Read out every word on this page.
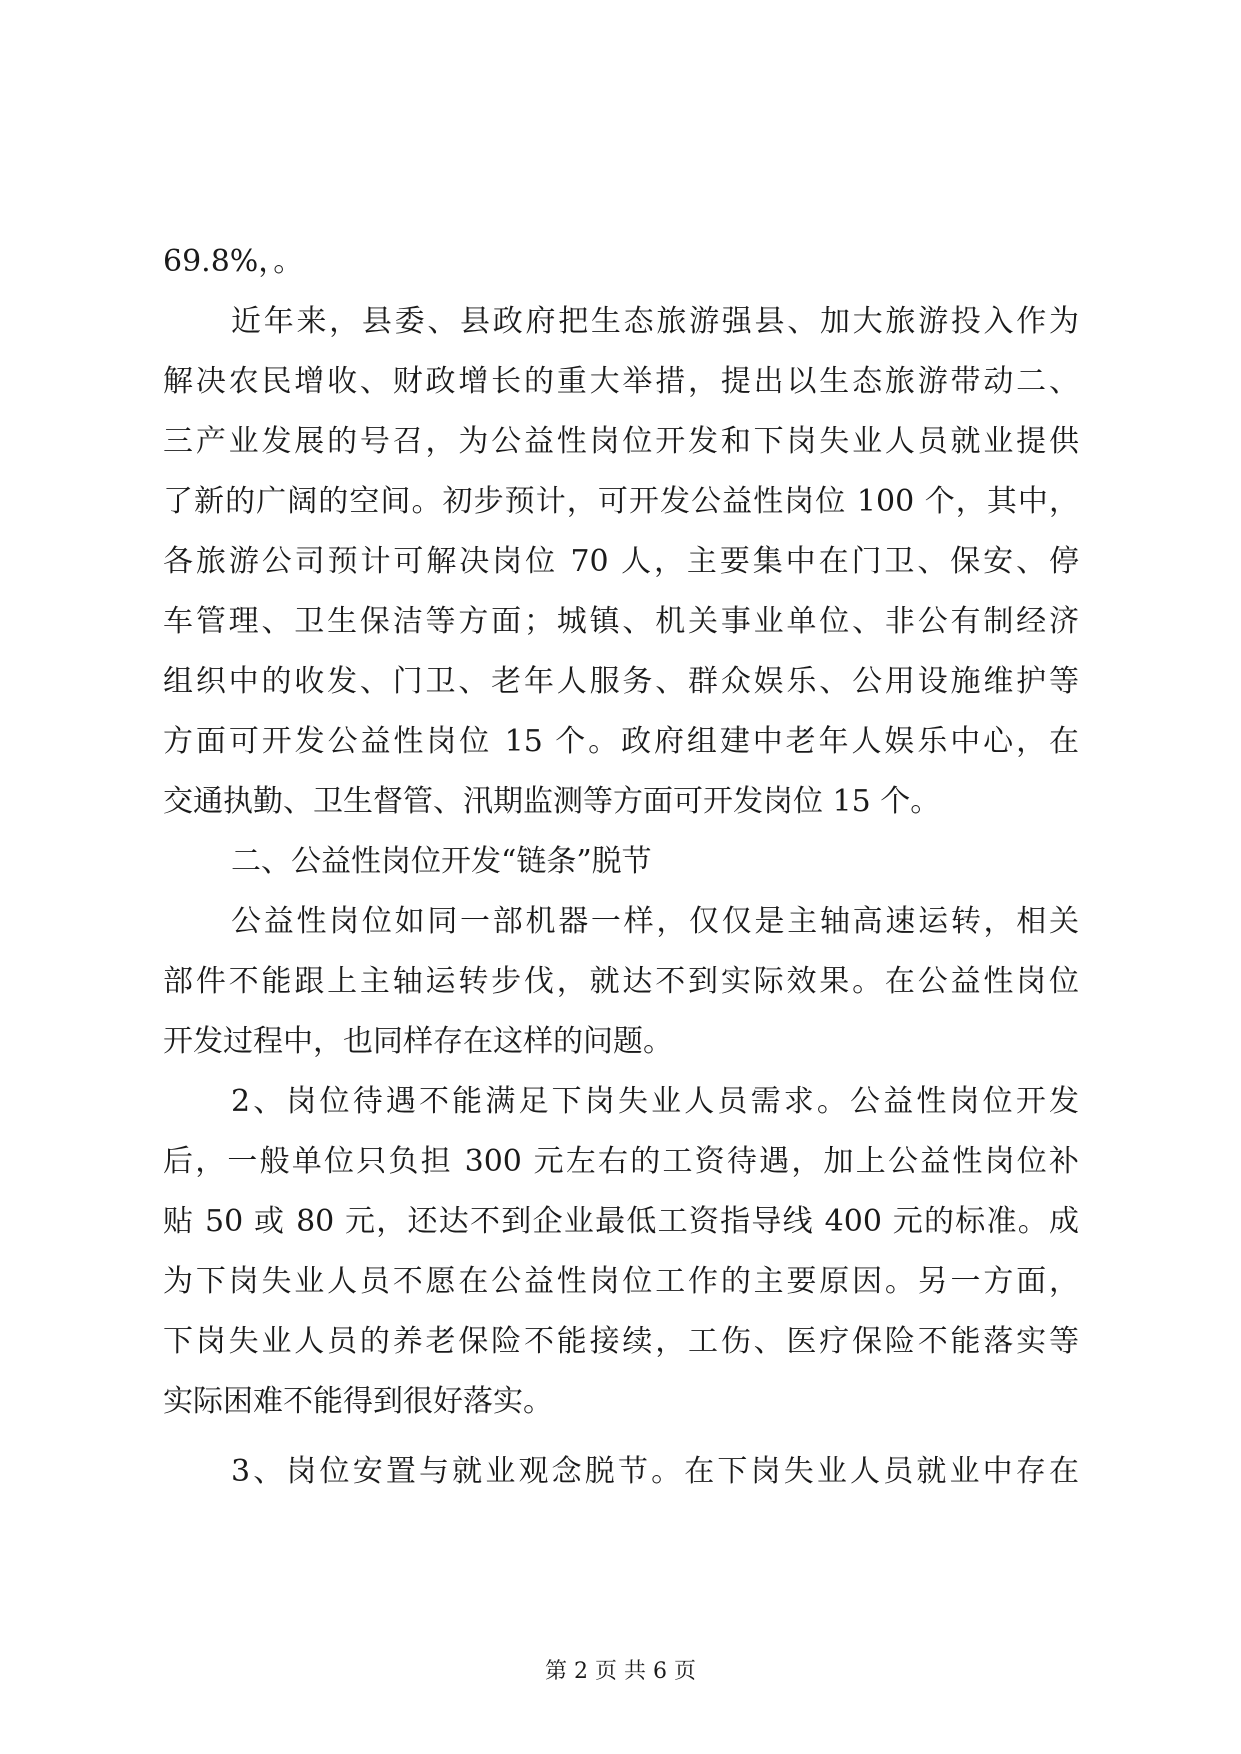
69.8%，。
近年来，县委、县政府把生态旅游强县、加大旅游投入作为
解决农民增收、财政增长的重大举措，提出以生态旅游带动二、
三产业发展的号召，为公益性岗位开发和下岗失业人员就业提供
了新的广阔的空间。初步预计，可开发公益性岗位 100 个，其中，
各旅游公司预计可解决岗位 70 人，主要集中在门卫、保安、停
车管理、卫生保洁等方面；城镇、机关事业单位、非公有制经济
组织中的收发、门卫、老年人服务、群众娱乐、公用设施维护等
方面可开发公益性岗位 15 个。政府组建中老年人娱乐中心，在
交通执勤、卫生督管、汛期监测等方面可开发岗位 15 个。
二、公益性岗位开发“链条”脱节
公益性岗位如同一部机器一样，仅仅是主轴高速运转，相关
部件不能跟上主轴运转步伐，就达不到实际效果。在公益性岗位
开发过程中，也同样存在这样的问题。
2、岗位待遇不能满足下岗失业人员需求。公益性岗位开发
后，一般单位只负担 300 元左右的工资待遇，加上公益性岗位补
贴 50 或 80 元，还达不到企业最低工资指导线 400 元的标准。成
为下岗失业人员不愿在公益性岗位工作的主要原因。另一方面，
下岗失业人员的养老保险不能接续，工伤、医疗保险不能落实等
实际困难不能得到很好落实。
3、岗位安置与就业观念脱节。在下岗失业人员就业中存在
第 2 页 共 6 页
